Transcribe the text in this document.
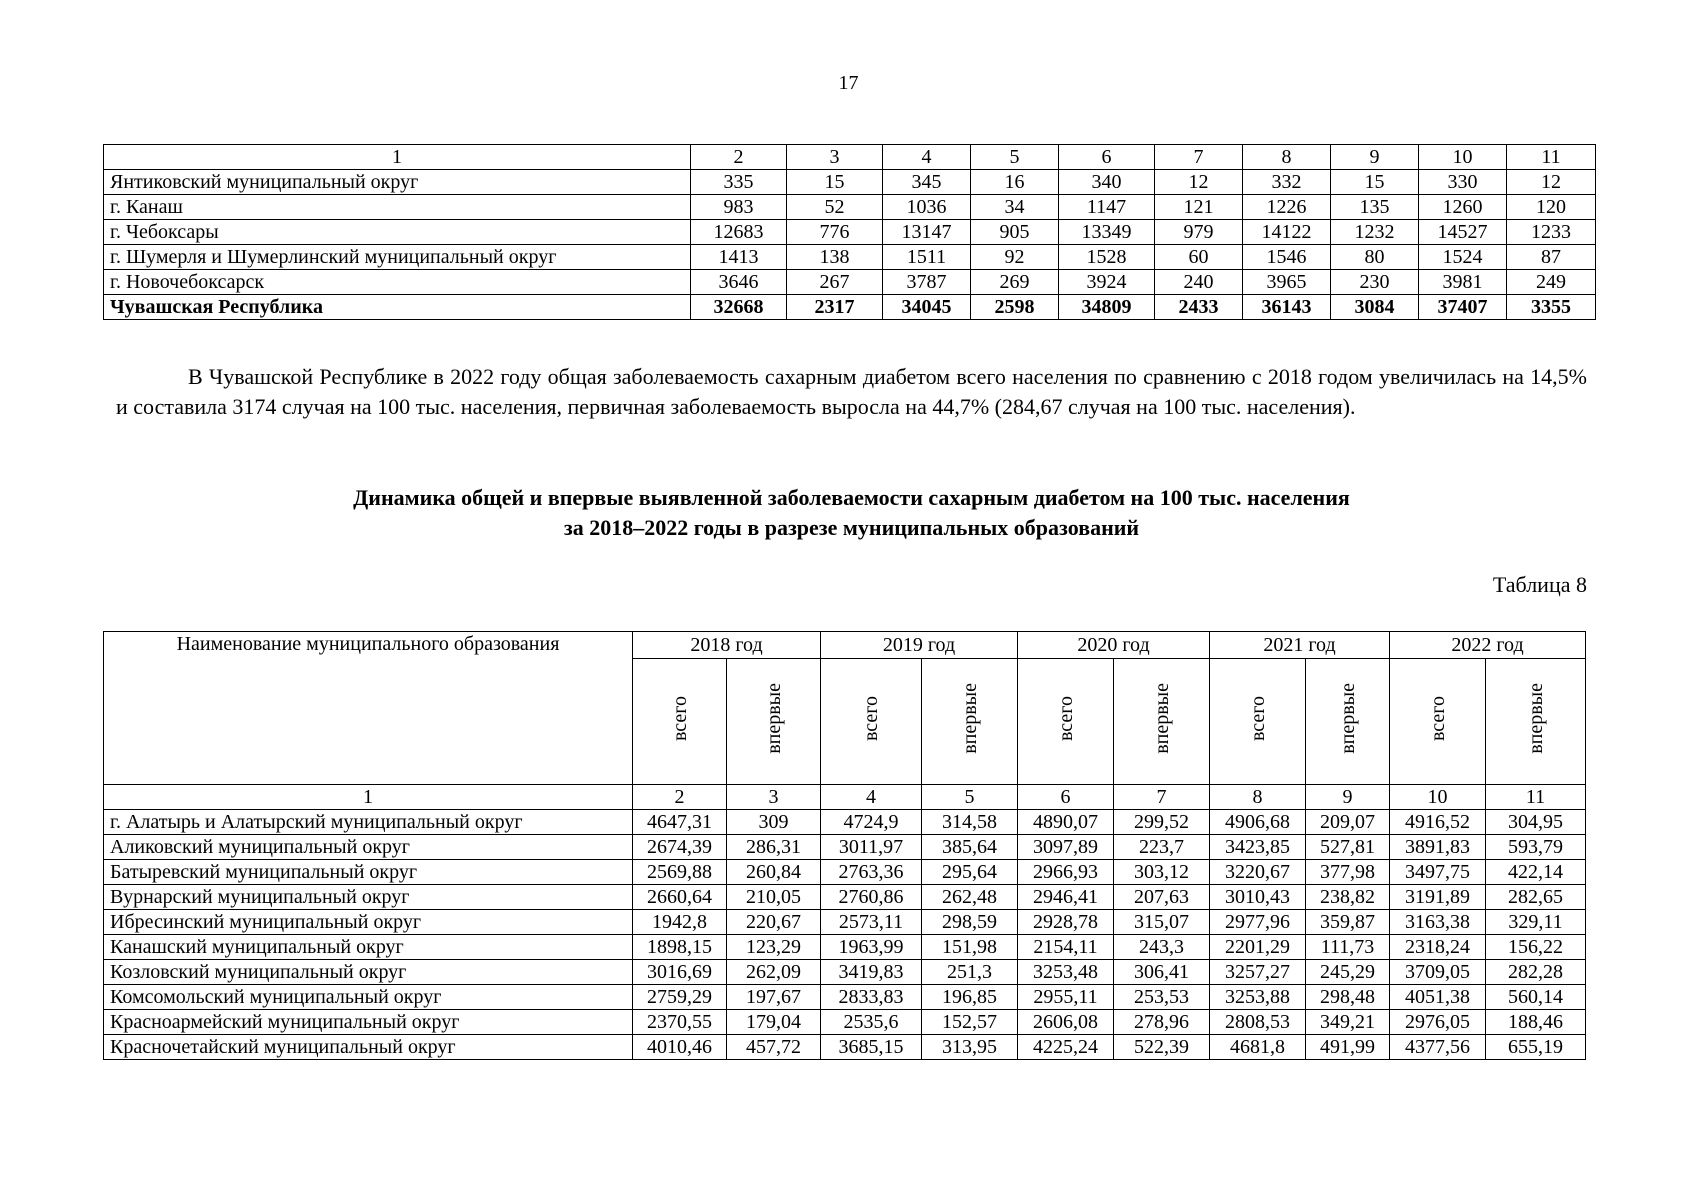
17
1	2	3	4	5	6	7	8	9	10	11
Янтиковский муниципальный округ	335	15	345	16	340	12	332	15	330	12
г. Канаш	983	52	1036	34	1147	121	1226	135	1260	120
г. Чебоксары	12683	776	13147	905	13349	979	14122	1232	14527	1233
г. Шумерля и Шумерлинский муниципальный округ	1413	138	1511	92	1528	60	1546	80	1524	87
г. Новочебоксарск	3646	267	3787	269	3924	240	3965	230	3981	249
Чувашская Республика	32668	2317	34045	2598	34809	2433	36143	3084	37407	3355
В Чувашской Республике в 2022 году общая заболеваемость сахарным диабетом всего населения по сравнению с 2018 годом увеличилась на 14,5% и составила 3174 случая на 100 тыс. населения, первичная заболеваемость выросла на 44,7% (284,67 случая на 100 тыс. населения).
Динамика общей и впервые выявленной заболеваемости сахарным диабетом на 100 тыс. населения
за 2018–2022 годы в разрезе муниципальных образований
Таблица 8
Наименование муниципального образования	2018 год		2019 год		2020 год		2021 год		2022 год	
	всего	впервые	всего	впервые	всего	впервые	всего	впервые	всего	впервые
1	2	3	4	5	6	7	8	9	10	11
г. Алатырь и Алатырский муниципальный округ	4647,31	309	4724,9	314,58	4890,07	299,52	4906,68	209,07	4916,52	304,95
Аликовский муниципальный округ	2674,39	286,31	3011,97	385,64	3097,89	223,7	3423,85	527,81	3891,83	593,79
Батыревский муниципальный округ	2569,88	260,84	2763,36	295,64	2966,93	303,12	3220,67	377,98	3497,75	422,14
Вурнарский муниципальный округ	2660,64	210,05	2760,86	262,48	2946,41	207,63	3010,43	238,82	3191,89	282,65
Ибресинский муниципальный округ	1942,8	220,67	2573,11	298,59	2928,78	315,07	2977,96	359,87	3163,38	329,11
Канашский муниципальный округ	1898,15	123,29	1963,99	151,98	2154,11	243,3	2201,29	111,73	2318,24	156,22
Козловский муниципальный округ	3016,69	262,09	3419,83	251,3	3253,48	306,41	3257,27	245,29	3709,05	282,28
Комсомольский муниципальный округ	2759,29	197,67	2833,83	196,85	2955,11	253,53	3253,88	298,48	4051,38	560,14
Красноармейский муниципальный округ	2370,55	179,04	2535,6	152,57	2606,08	278,96	2808,53	349,21	2976,05	188,46
Красночетайский муниципальный округ	4010,46	457,72	3685,15	313,95	4225,24	522,39	4681,8	491,99	4377,56	655,19
